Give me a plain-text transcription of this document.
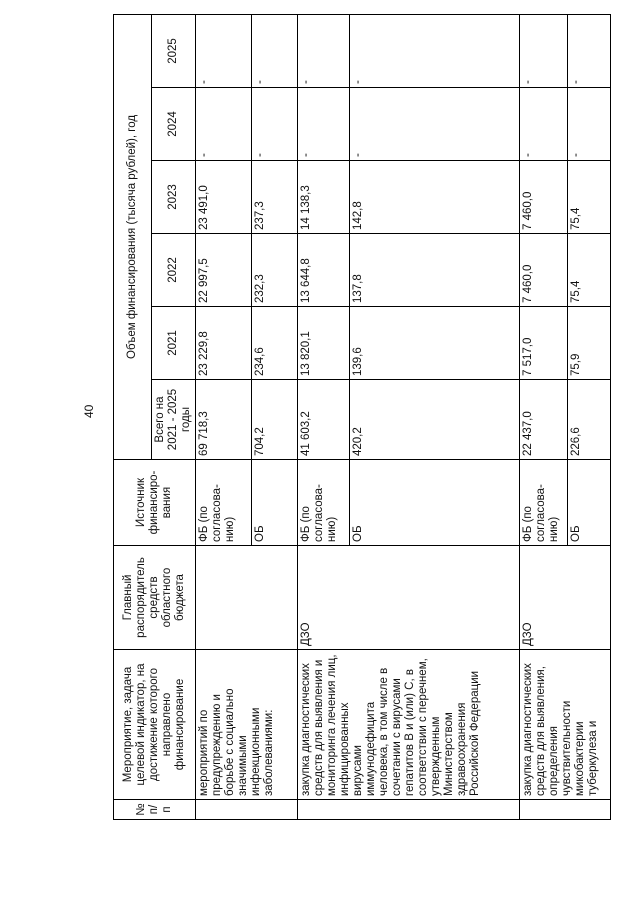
40
№ п/п	Мероприятие, задача целевой индикатор, на достижение которого направлено финансирование	Главный распорядитель средств областного бюджета	Источник финансиро-вания	Объем финансирования (тысяча рублей), год					
				Всего на 2021 - 2025 годы	2021	2022	2023	2024	2025
	мероприятий по предупреждению и борьбе с социально значимыми инфекционными заболеваниями:		ФБ (по согласова-нию)	69 718,3	23 229,8	22 997,5	23 491,0	-	-
			ОБ	704,2	234,6	232,3	237,3	-	-
	закупка диагностических средств для выявления и мониторинга лечения лиц, инфицированных вирусами иммунодефицита человека, в том числе в сочетании с вирусами гепатитов B и (или) C, в соответствии с перечнем, утвержденным Министерством здравоохранения Российской Федерации	ДЗО	ФБ (по согласова-нию)	41 603,2	13 820,1	13 644,8	14 138,3	-	-
			ОБ	420,2	139,6	137,8	142,8	-	-
	закупка диагностических средств для выявления, определения чувствительности микобактерии туберкулеза и	ДЗО	ФБ (по согласова-нию)	22 437,0	7 517,0	7 460,0	7 460,0	-	-
			ОБ	226,6	75,9	75,4	75,4	-	-
